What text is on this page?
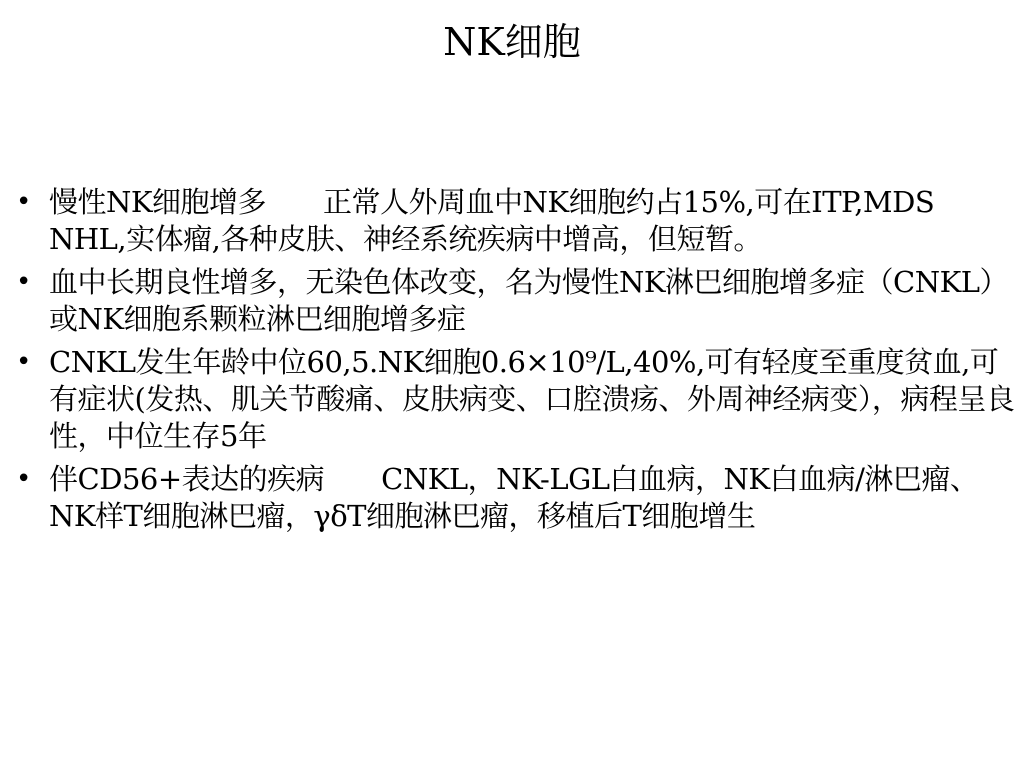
NK细胞
• 慢性NK细胞增多　　正常人外周血中NK细胞约占15%,可在ITP,MDS NHL,实体瘤,各种皮肤、神经系统疾病中增高，但短暂。
• 血中长期良性增多，无染色体改变，名为慢性NK淋巴细胞增多症（CNKL）或NK细胞系颗粒淋巴细胞增多症
• CNKL发生年龄中位60,5.NK细胞0.6×10⁹/L,40%,可有轻度至重度贫血,可有症状(发热、肌关节酸痛、皮肤病变、口腔溃疡、外周神经病变），病程呈良性，中位生存5年
• 伴CD56+表达的疾病　　CNKL，NK-LGL白血病，NK白血病/淋巴瘤、NK样T细胞淋巴瘤，γδT细胞淋巴瘤，移植后T细胞增生
